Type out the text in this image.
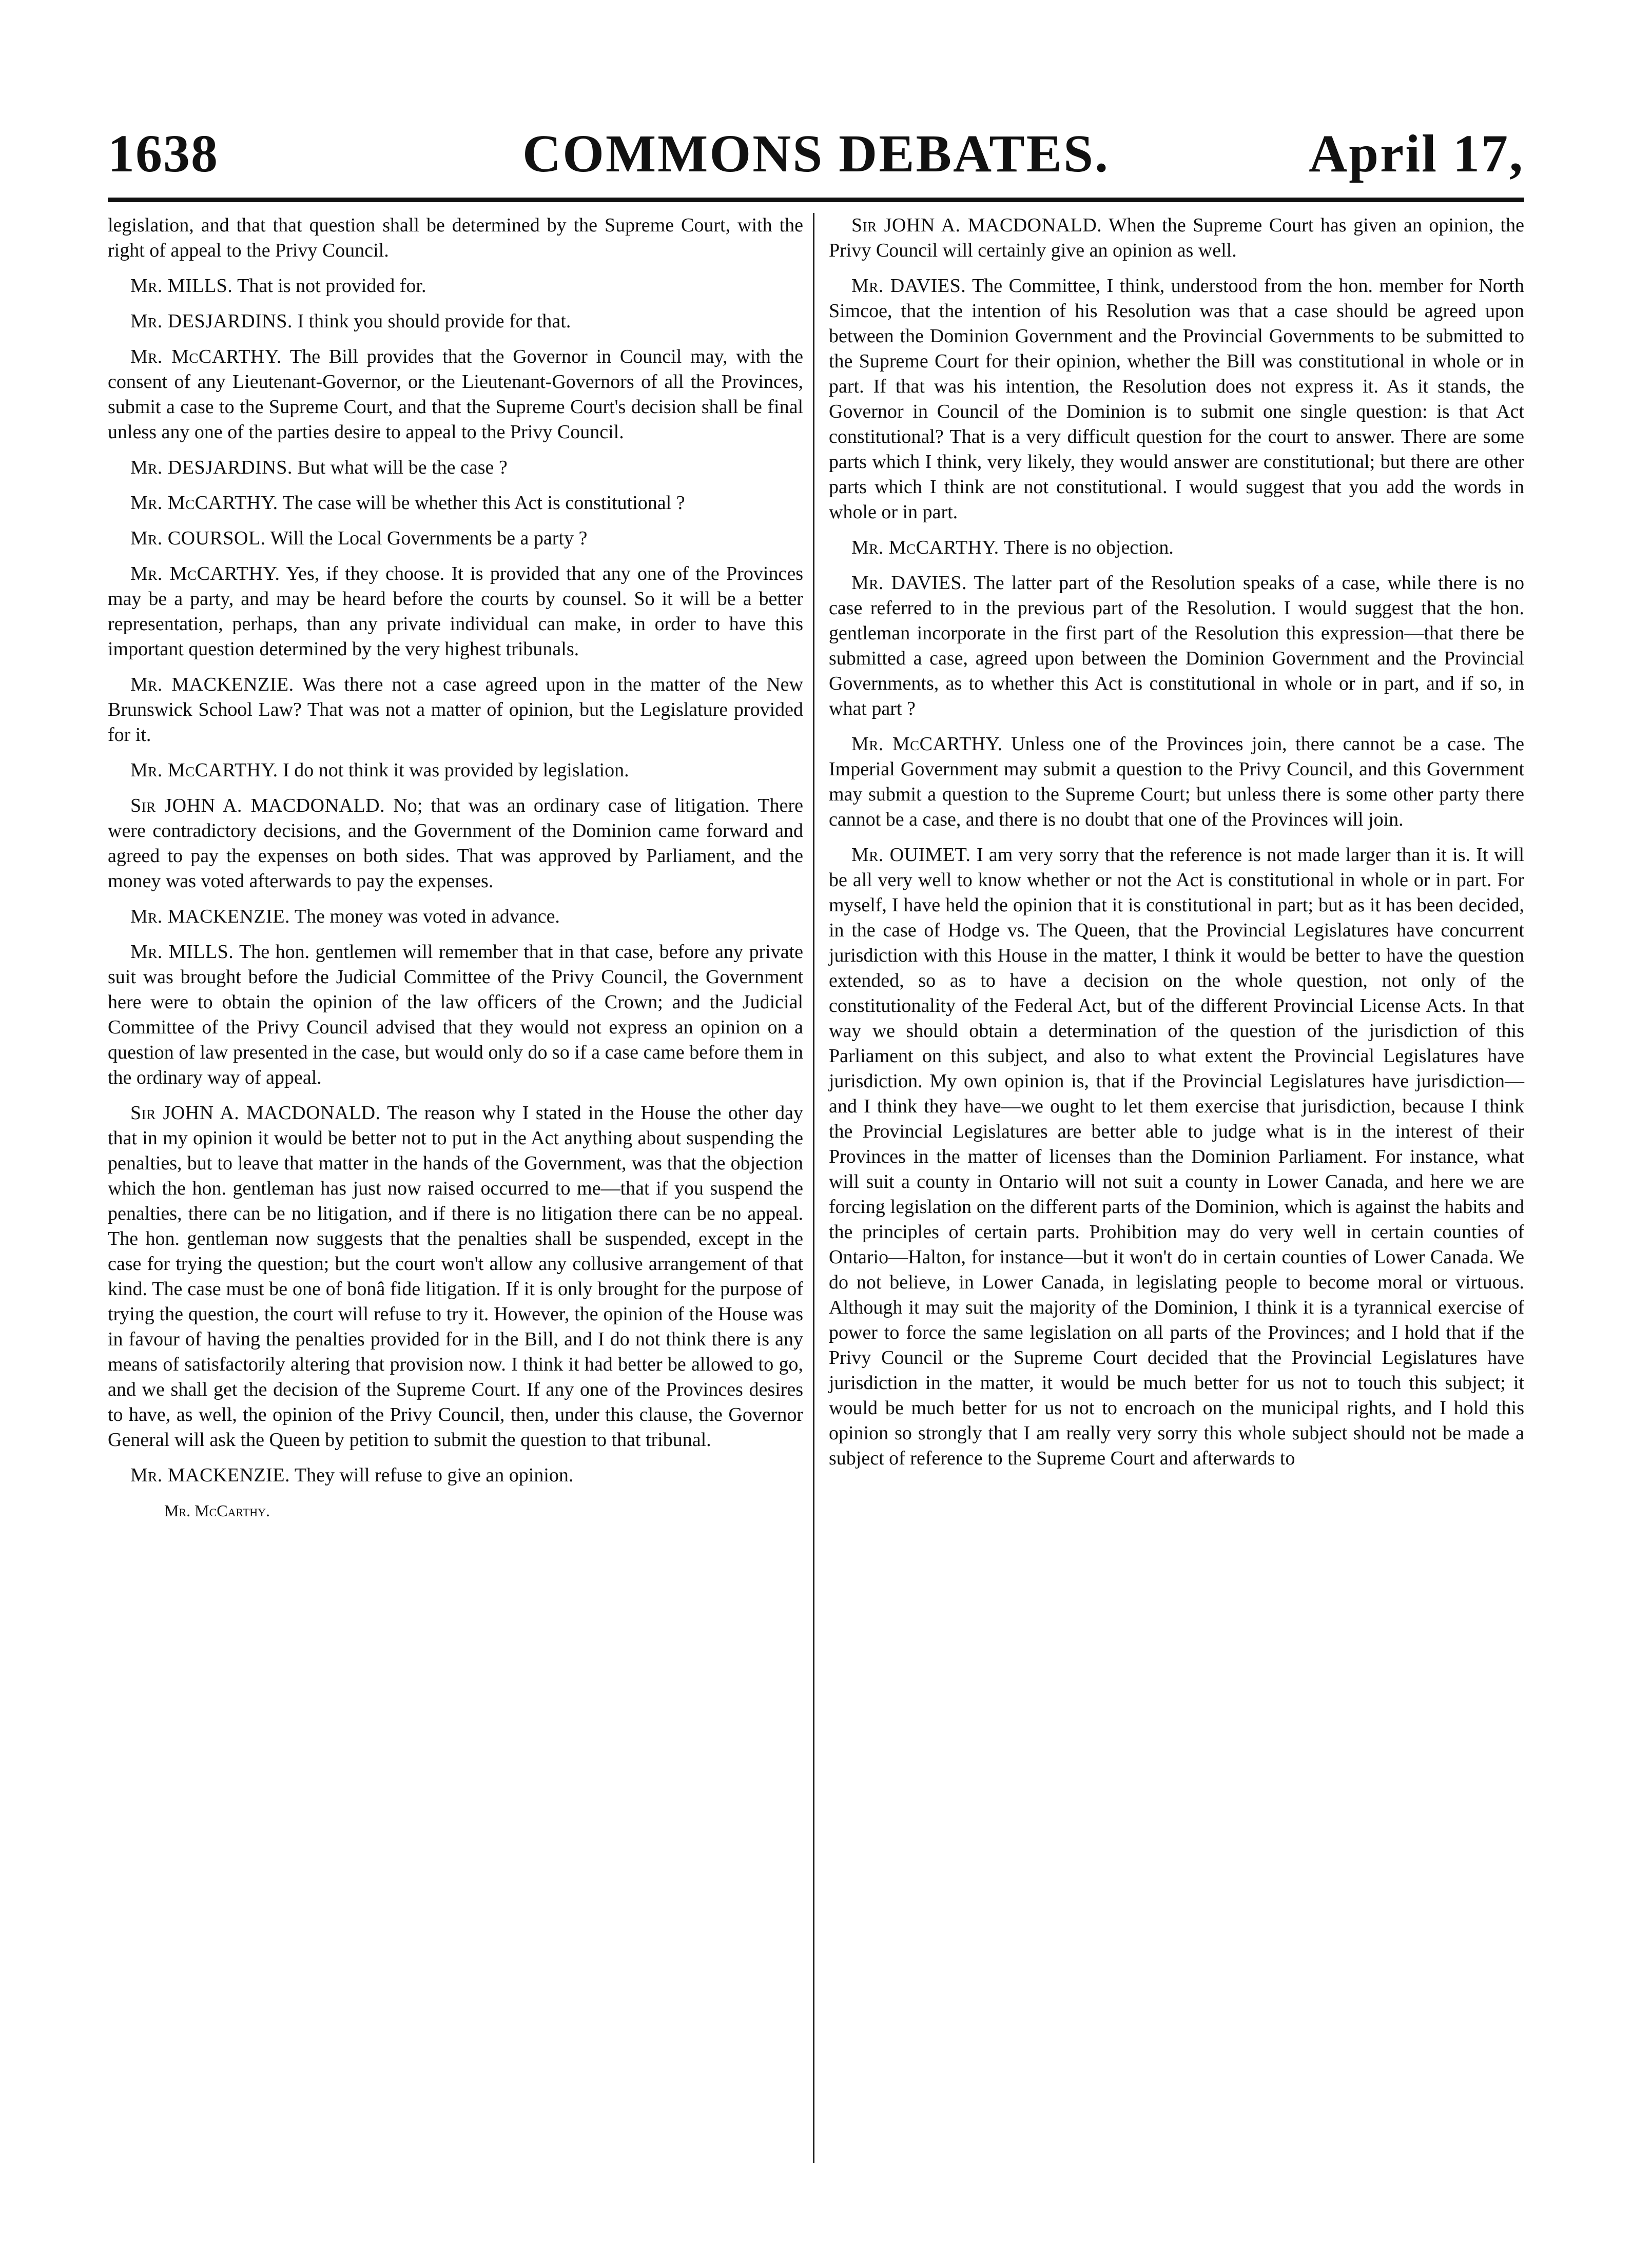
1638	COMMONS DEBATES.	April 17,

legislation, and that that question shall be determined by the Supreme Court, with the right of appeal to the Privy Council.

Mr. MILLS. That is not provided for.

Mr. DESJARDINS. I think you should provide for that.

Mr. McCARTHY. The Bill provides that the Governor in Council may, with the consent of any Lieutenant-Governor, or the Lieutenant-Governors of all the Provinces, submit a case to the Supreme Court, and that the Supreme Court's decision shall be final unless any one of the parties desire to appeal to the Privy Council.

Mr. DESJARDINS. But what will be the case ?

Mr. McCARTHY. The case will be whether this Act is constitutional ?

Mr. COURSOL. Will the Local Governments be a party ?

Mr. McCARTHY. Yes, if they choose. It is provided that any one of the Provinces may be a party, and may be heard before the courts by counsel. So it will be a better representation, perhaps, than any private individual can make, in order to have this important question determined by the very highest tribunals.

Mr. MACKENZIE. Was there not a case agreed upon in the matter of the New Brunswick School Law? That was not a matter of opinion, but the Legislature provided for it.

Mr. McCARTHY. I do not think it was provided by legislation.

Sir JOHN A. MACDONALD. No; that was an ordinary case of litigation. There were contradictory decisions, and the Government of the Dominion came forward and agreed to pay the expenses on both sides. That was approved by Parliament, and the money was voted afterwards to pay the expenses.

Mr. MACKENZIE. The money was voted in advance.

Mr. MILLS. The hon. gentlemen will remember that in that case, before any private suit was brought before the Judicial Committee of the Privy Council, the Government here were to obtain the opinion of the law officers of the Crown; and the Judicial Committee of the Privy Council advised that they would not express an opinion on a question of law presented in the case, but would only do so if a case came before them in the ordinary way of appeal.

Sir JOHN A. MACDONALD. The reason why I stated in the House the other day that in my opinion it would be better not to put in the Act anything about suspending the penalties, but to leave that matter in the hands of the Government, was that the objection which the hon. gentleman has just now raised occurred to me—that if you suspend the penalties, there can be no litigation, and if there is no litigation there can be no appeal. The hon. gentleman now suggests that the penalties shall be suspended, except in the case for trying the question; but the court won't allow any collusive arrangement of that kind. The case must be one of bonâ fide litigation. If it is only brought for the purpose of trying the question, the court will refuse to try it. However, the opinion of the House was in favour of having the penalties provided for in the Bill, and I do not think there is any means of satisfactorily altering that provision now. I think it had better be allowed to go, and we shall get the decision of the Supreme Court. If any one of the Provinces desires to have, as well, the opinion of the Privy Council, then, under this clause, the Governor General will ask the Queen by petition to submit the question to that tribunal.

Mr. MACKENZIE. They will refuse to give an opinion.

Mr. McCarthy.

Sir JOHN A. MACDONALD. When the Supreme Court has given an opinion, the Privy Council will certainly give an opinion as well.

Mr. DAVIES. The Committee, I think, understood from the hon. member for North Simcoe, that the intention of his Resolution was that a case should be agreed upon between the Dominion Government and the Provincial Governments to be submitted to the Supreme Court for their opinion, whether the Bill was constitutional in whole or in part. If that was his intention, the Resolution does not express it. As it stands, the Governor in Council of the Dominion is to submit one single question: is that Act constitutional? That is a very difficult question for the court to answer. There are some parts which I think, very likely, they would answer are constitutional; but there are other parts which I think are not constitutional. I would suggest that you add the words in whole or in part.

Mr. McCARTHY. There is no objection.

Mr. DAVIES. The latter part of the Resolution speaks of a case, while there is no case referred to in the previous part of the Resolution. I would suggest that the hon. gentleman incorporate in the first part of the Resolution this expression—that there be submitted a case, agreed upon between the Dominion Government and the Provincial Governments, as to whether this Act is constitutional in whole or in part, and if so, in what part ?

Mr. McCARTHY. Unless one of the Provinces join, there cannot be a case. The Imperial Government may submit a question to the Privy Council, and this Government may submit a question to the Supreme Court; but unless there is some other party there cannot be a case, and there is no doubt that one of the Provinces will join.

Mr. OUIMET. I am very sorry that the reference is not made larger than it is. It will be all very well to know whether or not the Act is constitutional in whole or in part. For myself, I have held the opinion that it is constitutional in part; but as it has been decided, in the case of Hodge vs. The Queen, that the Provincial Legislatures have concurrent jurisdiction with this House in the matter, I think it would be better to have the question extended, so as to have a decision on the whole question, not only of the constitutionality of the Federal Act, but of the different Provincial License Acts. In that way we should obtain a determination of the question of the jurisdiction of this Parliament on this subject, and also to what extent the Provincial Legislatures have jurisdiction. My own opinion is, that if the Provincial Legislatures have jurisdiction—and I think they have—we ought to let them exercise that jurisdiction, because I think the Provincial Legislatures are better able to judge what is in the interest of their Provinces in the matter of licenses than the Dominion Parliament. For instance, what will suit a county in Ontario will not suit a county in Lower Canada, and here we are forcing legislation on the different parts of the Dominion, which is against the habits and the principles of certain parts. Prohibition may do very well in certain counties of Ontario—Halton, for instance—but it won't do in certain counties of Lower Canada. We do not believe, in Lower Canada, in legislating people to become moral or virtuous. Although it may suit the majority of the Dominion, I think it is a tyrannical exercise of power to force the same legislation on all parts of the Provinces; and I hold that if the Privy Council or the Supreme Court decided that the Provincial Legislatures have jurisdiction in the matter, it would be much better for us not to touch this subject; it would be much better for us not to encroach on the municipal rights, and I hold this opinion so strongly that I am really very sorry this whole subject should not be made a subject of reference to the Supreme Court and afterwards to
